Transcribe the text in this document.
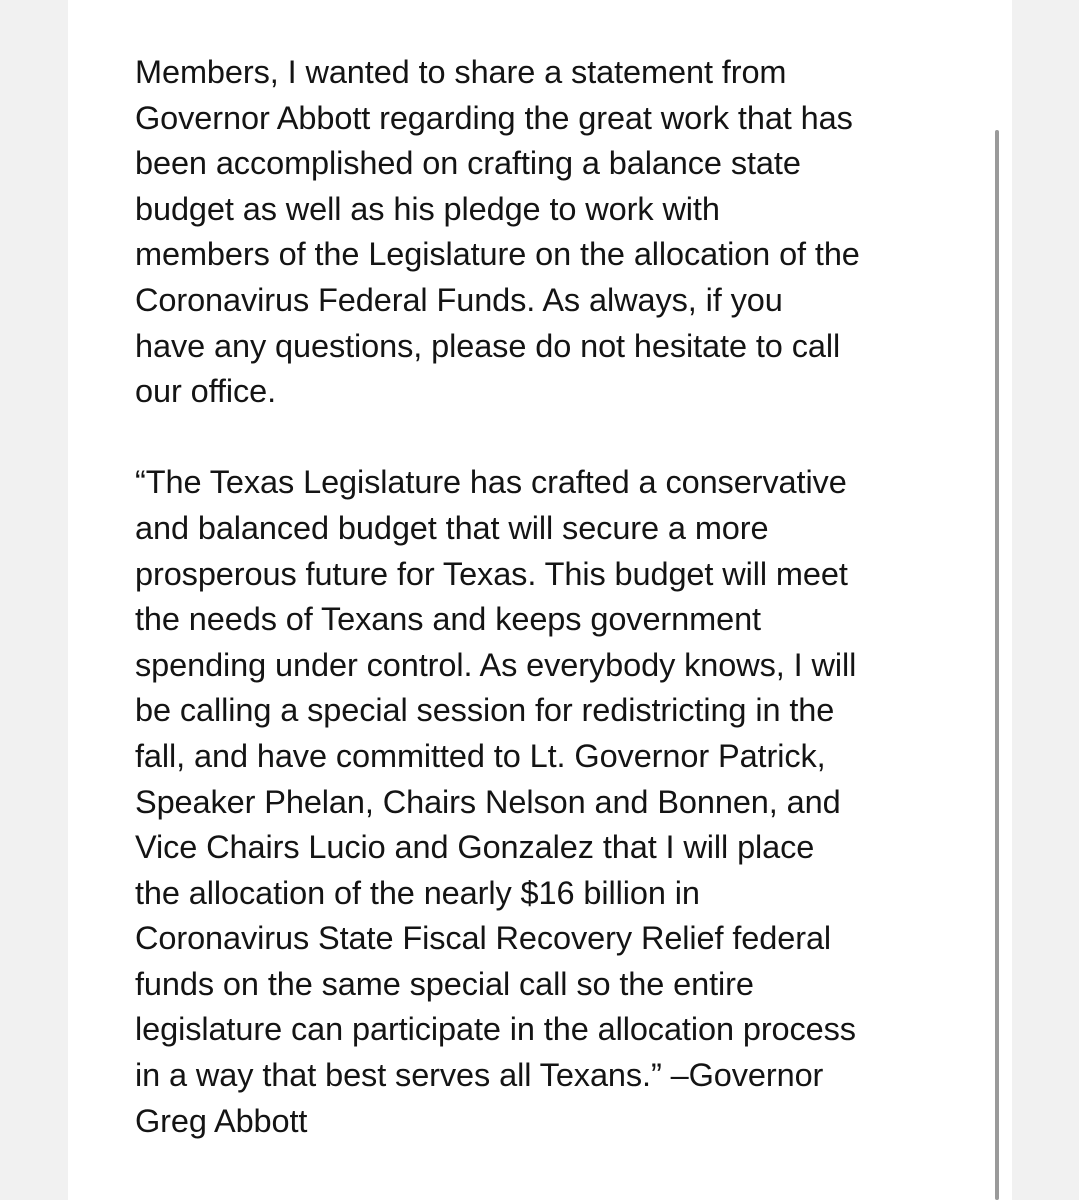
Members, I wanted to share a statement from
Governor Abbott regarding the great work that has
been accomplished on crafting a balance state
budget as well as his pledge to work with
members of the Legislature on the allocation of the
Coronavirus Federal Funds. As always, if you
have any questions, please do not hesitate to call
our office.

“The Texas Legislature has crafted a conservative
and balanced budget that will secure a more
prosperous future for Texas. This budget will meet
the needs of Texans and keeps government
spending under control. As everybody knows, I will
be calling a special session for redistricting in the
fall, and have committed to Lt. Governor Patrick,
Speaker Phelan, Chairs Nelson and Bonnen, and
Vice Chairs Lucio and Gonzalez that I will place
the allocation of the nearly $16 billion in
Coronavirus State Fiscal Recovery Relief federal
funds on the same special call so the entire
legislature can participate in the allocation process
in a way that best serves all Texans.” –Governor
Greg Abbott
